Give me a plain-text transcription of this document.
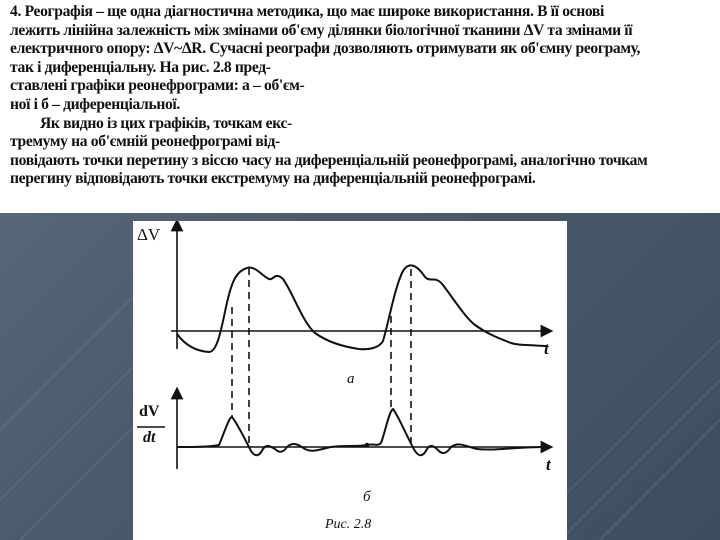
4. Реографія – ще одна діагностична методика, що має широке використання. В її основі
лежить лінійна залежність між змінами об'єму ділянки біологічної тканини ΔV та змінами її
електричного опору: ΔV~ΔR. Сучасні реографи дозволяють отримувати як об'ємну реограму,

так і диференціальну. На рис. 2.8 пред-
ставлені графіки реонефрограми: а – об'єм-
ної і б – диференціальної.

Як видно із цих графіків, точкам екс-
тремуму на об'ємній реонефрограмі від-

повідають точки перетину з віссю часу на диференціальній реонефрограмі, аналогічно точкам
перегину відповідають точки екстремуму на диференціальній реонефрограмі.

ΔV
t
а
dV
dt
t
б
Рис. 2.8
